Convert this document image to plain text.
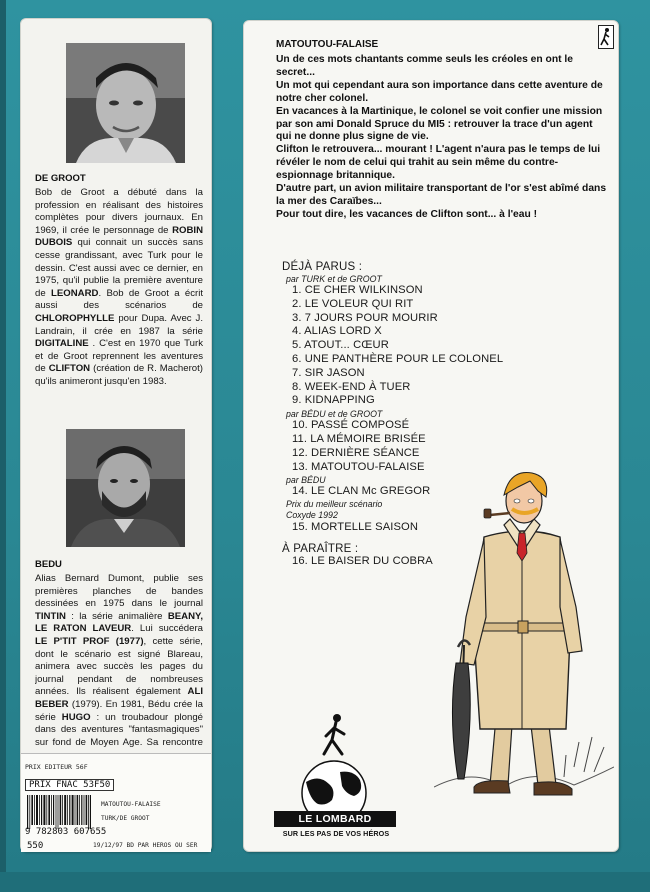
DE GROOT
Bob de Groot a débuté dans la profession en réalisant des histoires complètes pour divers journaux. En 1969, il crée le personnage de ROBIN DUBOIS qui connait un succès sans cesse grandissant, avec Turk pour le dessin. C'est aussi avec ce dernier, en 1975, qu'il publie la première aventure de LEONARD. Bob de Groot a écrit aussi des scénarios de CHLOROPHYLLE pour Dupa. Avec J. Landrain, il crée en 1987 la série DIGITALINE . C'est en 1970 que Turk et de Groot reprennent les aventures de CLIFTON (création de R. Macherot) qu'ils animeront jusqu'en 1983.
BEDU
Alias Bernard Dumont, publie ses premières planches de bandes dessinées en 1975 dans le journal TINTIN : la série animalière BEANY, LE RATON LAVEUR. Lui succédera LE P'TIT PROF (1977), cette série, dont le scénario est signé Blareau, animera avec succès les pages du journal pendant de nombreuses années. Ils réalisent également ALI BEBER (1979). En 1981, Bédu crée la série HUGO : un troubadour plongé dans des aventures "fantasmagiques" sur fond de Moyen Age. Sa rencontre
PRIX EDITEUR 56F
PRIX FNAC 53F50
9 782803 607655
550
MATOUTOU-FALAISE
TURK/DE GROOT
19/12/97 BD PAR HEROS OU SER
MATOUTOU-FALAISE

Un de ces mots chantants comme seuls les créoles en ont le secret...

Un mot qui cependant aura son importance dans cette aventure de notre cher colonel.

En vacances à la Martinique, le colonel se voit confier une mission par son ami Donald Spruce du MI5 : retrouver la trace d'un agent qui ne donne plus signe de vie.

Clifton le retrouvera... mourant ! L'agent n'aura pas le temps de lui révéler le nom de celui qui trahit au sein même du contre-espionnage britannique.

D'autre part, un avion militaire transportant de l'or s'est abîmé dans la mer des Caraïbes...

Pour tout dire, les vacances de Clifton sont... à l'eau !

DÉJÀ PARUS :

par TURK et de GROOT

1. CE CHER WILKINSON

2. LE VOLEUR QUI RIT

3. 7 JOURS POUR MOURIR

4. ALIAS LORD X

5. ATOUT... CŒUR

6. UNE PANTHÈRE POUR LE COLONEL

7. SIR JASON

8. WEEK-END À TUER

9. KIDNAPPING

par BÉDU et de GROOT

10. PASSÉ COMPOSÉ

11. LA MÉMOIRE BRISÉE

12. DERNIÈRE SÉANCE

13. MATOUTOU-FALAISE

par BÉDU

14. LE CLAN Mc GREGOR

Prix du meilleur scénario

Coxyde 1992

15. MORTELLE SAISON

À PARAÎTRE :

16. LE BAISER DU COBRA

LE LOMBARD
SUR LES PAS DE VOS HÉROS
